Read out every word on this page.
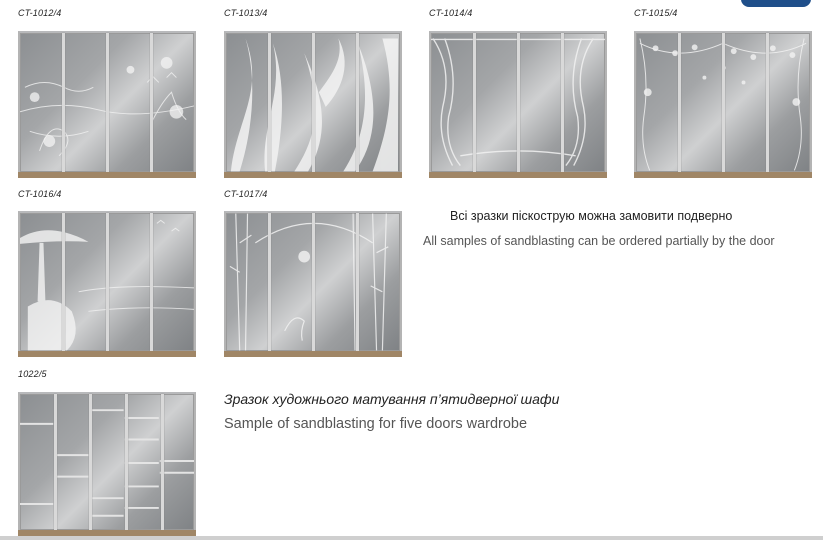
CT-1012/4	CT-1013/4	CT-1014/4	CT-1015/4
CT-1016/4	CT-1017/4
Всі зразки піскострую можна замовити подверно
All samples of sandblasting can be ordered partially by the door
1022/5
Зразок художнього матування п’ятидверної шафи
Sample of sandblasting for five doors wardrobe
